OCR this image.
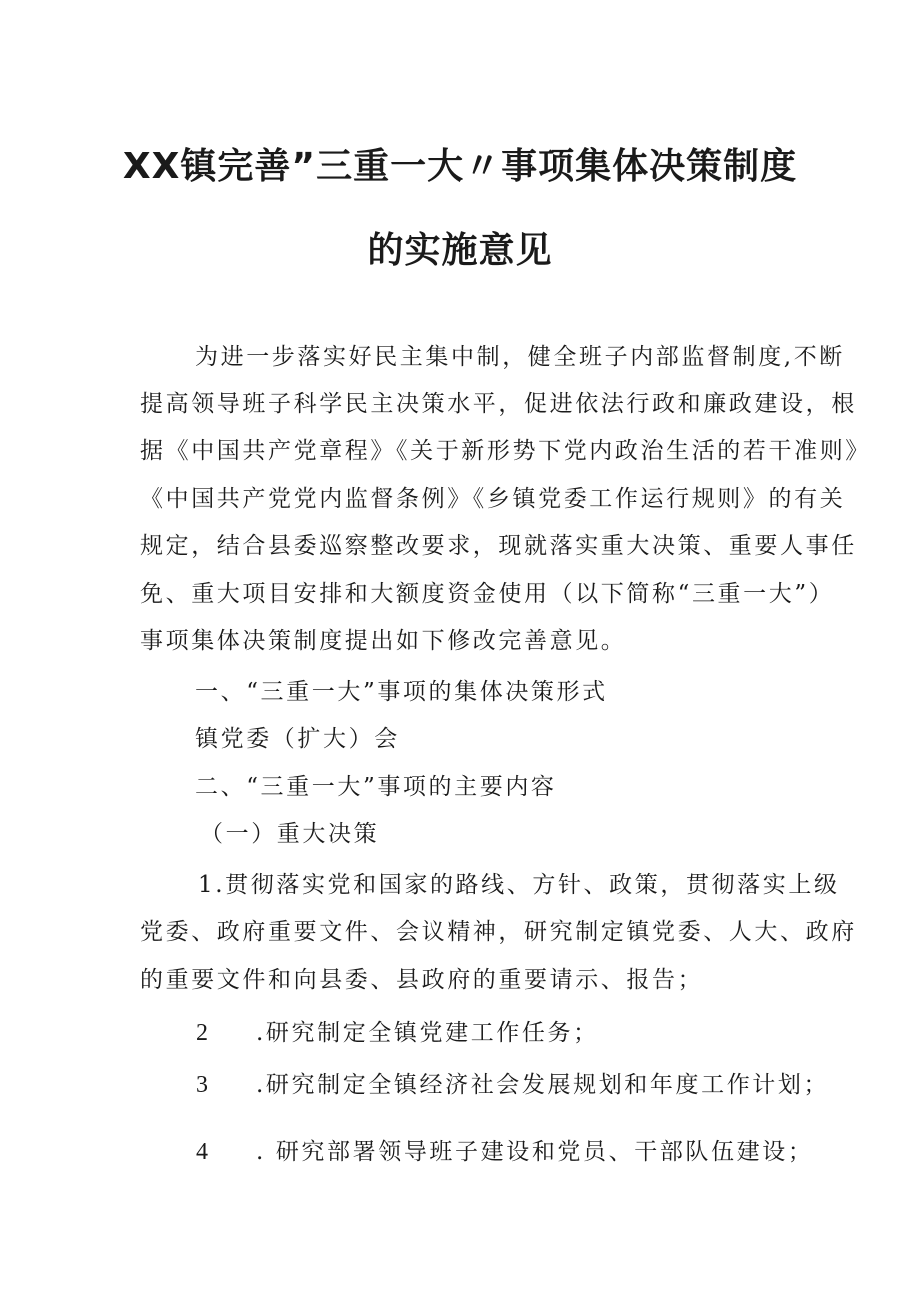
XX镇完善”三重一大〃事项集体决策制度
的实施意见

为进一步落实好民主集中制，健全班子内部监督制度,不断

提高领导班子科学民主决策水平，促进依法行政和廉政建设，根

据《中国共产党章程》《关于新形势下党内政治生活的若干准则》

《中国共产党党内监督条例》《乡镇党委工作运行规则》的有关

规定，结合县委巡察整改要求，现就落实重大决策、重要人事任

免、重大项目安排和大额度资金使用（以下简称“三重一大”）

事项集体决策制度提出如下修改完善意见。

一、“三重一大”事项的集体决策形式

镇党委（扩大）会

二、“三重一大”事项的主要内容

（一）重大决策

1.贯彻落实党和国家的路线、方针、政策，贯彻落实上级

党委、政府重要文件、会议精神，研究制定镇党委、人大、政府

的重要文件和向县委、县政府的重要请示、报告；

2 .研究制定全镇党建工作任务；

3 .研究制定全镇经济社会发展规划和年度工作计划；

4 . 研究部署领导班子建设和党员、干部队伍建设；
